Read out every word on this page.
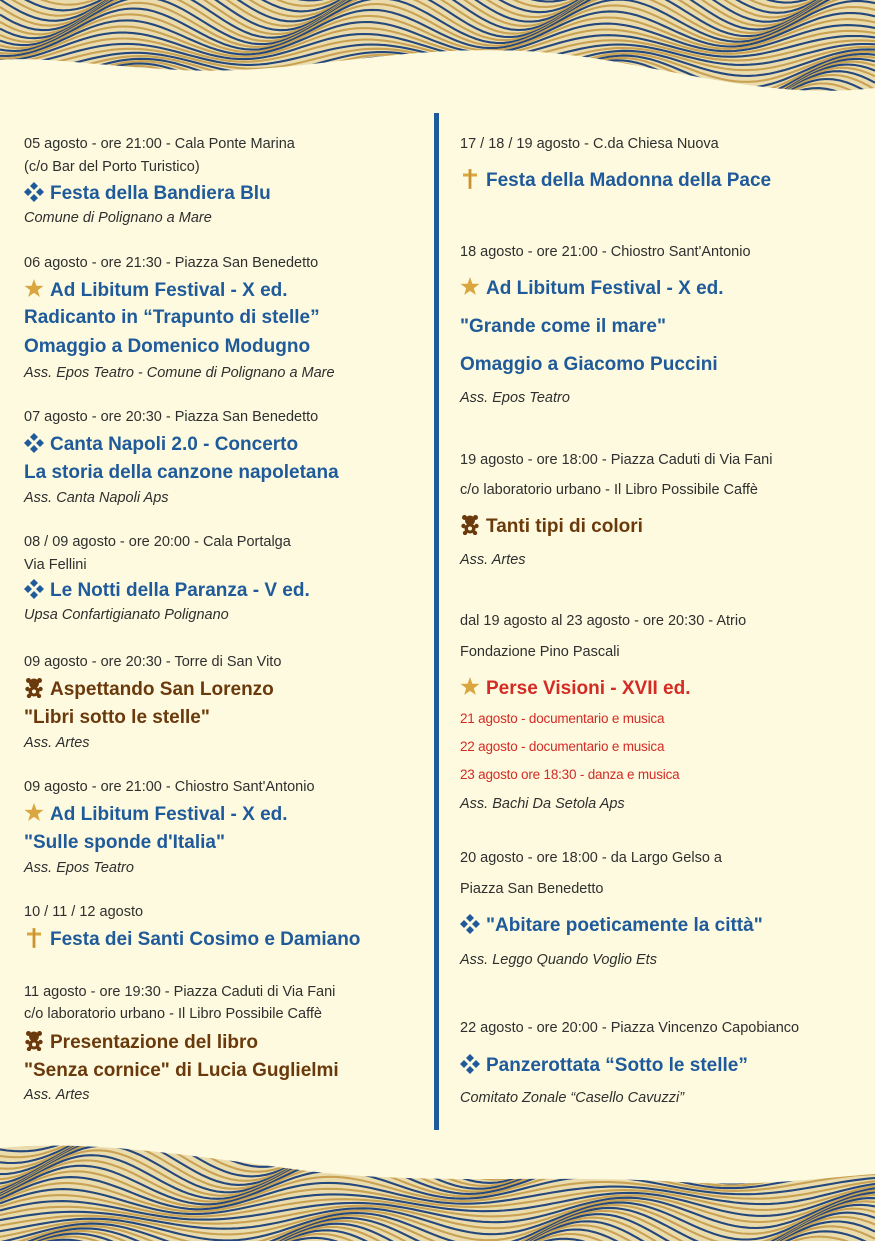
05 agosto - ore 21:00 - Cala Ponte Marina
(c/o Bar del Porto Turistico)
Festa della Bandiera Blu
Comune di Polignano a Mare
06 agosto - ore 21:30 - Piazza San Benedetto
Ad Libitum Festival - X ed.
Radicanto in “Trapunto di stelle”
Omaggio a Domenico Modugno
Ass. Epos Teatro - Comune di Polignano a Mare
07 agosto - ore 20:30 - Piazza San Benedetto
Canta Napoli 2.0 - Concerto
La storia della canzone napoletana
Ass. Canta Napoli Aps
08 / 09 agosto - ore 20:00 - Cala Portalga
Via Fellini
Le Notti della Paranza - V ed.
Upsa Confartigianato Polignano
09 agosto - ore 20:30 - Torre di San Vito
Aspettando San Lorenzo
"Libri sotto le stelle"
Ass. Artes
09 agosto - ore 21:00 - Chiostro Sant'Antonio
Ad Libitum Festival - X ed.
"Sulle sponde d'Italia"
Ass. Epos Teatro
10 / 11 / 12 agosto
Festa dei Santi Cosimo e Damiano
11 agosto - ore 19:30 - Piazza Caduti di Via Fani
c/o laboratorio urbano - Il Libro Possibile Caffè
Presentazione del libro
"Senza cornice" di Lucia Guglielmi
Ass. Artes
17 / 18 / 19 agosto - C.da Chiesa Nuova
Festa della Madonna della Pace
18 agosto - ore 21:00 - Chiostro Sant'Antonio
Ad Libitum Festival - X ed.
"Grande come il mare"
Omaggio a Giacomo Puccini
Ass. Epos Teatro
19 agosto - ore 18:00 - Piazza Caduti di Via Fani
c/o laboratorio urbano - Il Libro Possibile Caffè
Tanti tipi di colori
Ass. Artes
dal 19 agosto al 23 agosto - ore 20:30 - Atrio
Fondazione Pino Pascali
Perse Visioni - XVII ed.
21 agosto - documentario e musica
22 agosto - documentario e musica
23 agosto ore 18:30 - danza e musica
Ass. Bachi Da Setola Aps
20 agosto - ore 18:00 - da Largo Gelso a
Piazza San Benedetto
"Abitare poeticamente la città"
Ass. Leggo Quando Voglio Ets
22 agosto - ore 20:00 - Piazza Vincenzo Capobianco
Panzerottata “Sotto le stelle”
Comitato Zonale “Casello Cavuzzi”
